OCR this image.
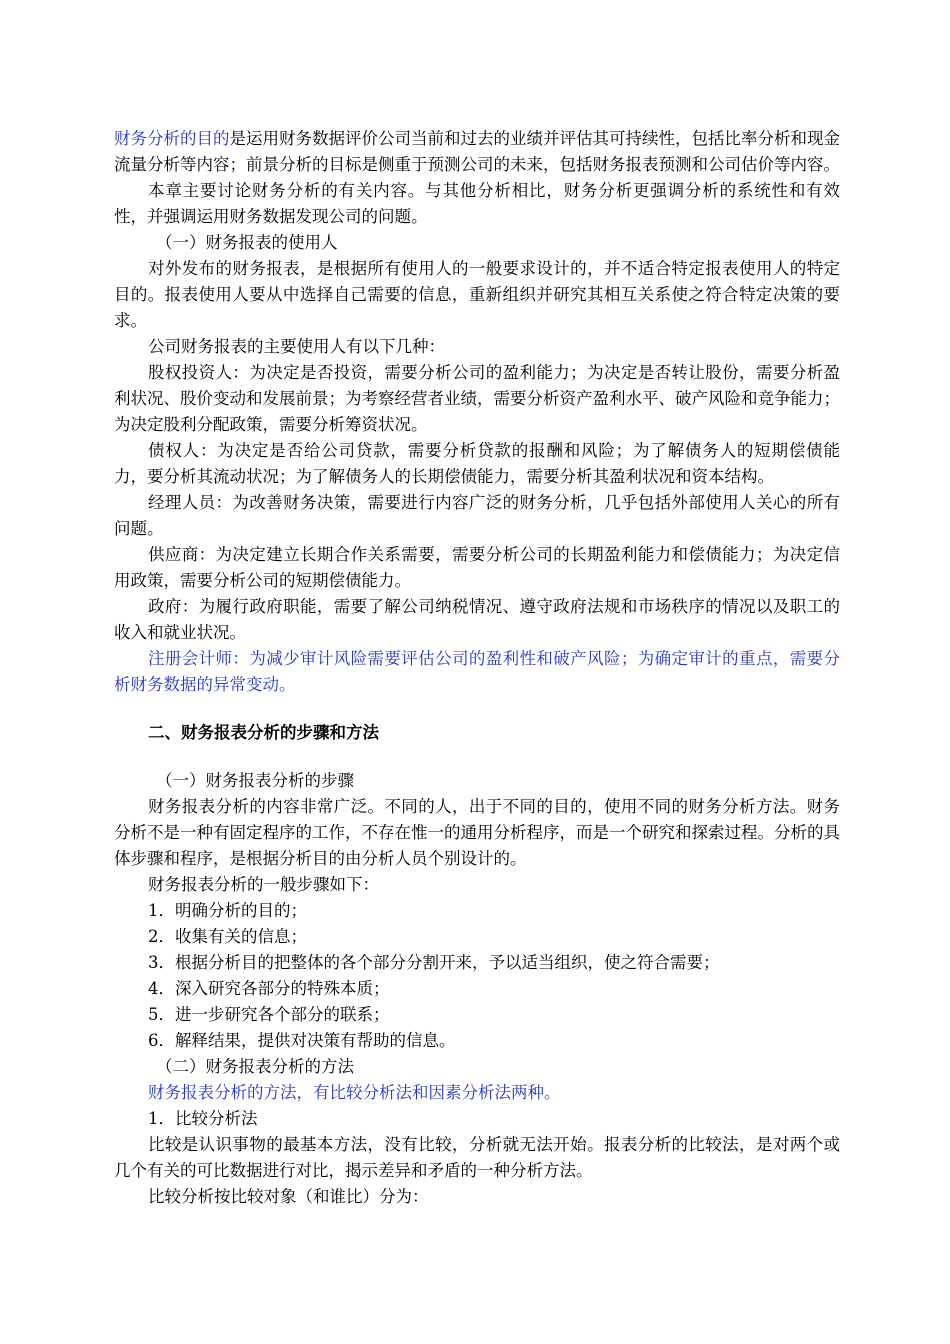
财务分析的目的是运用财务数据评价公司当前和过去的业绩并评估其可持续性，包括比率分析和现金流量分析等内容；前景分析的目标是侧重于预测公司的未来，包括财务报表预测和公司估价等内容。

本章主要讨论财务分析的有关内容。与其他分析相比，财务分析更强调分析的系统性和有效性，并强调运用财务数据发现公司的问题。

（一）财务报表的使用人

对外发布的财务报表，是根据所有使用人的一般要求设计的，并不适合特定报表使用人的特定目的。报表使用人要从中选择自己需要的信息，重新组织并研究其相互关系使之符合特定决策的要求。

公司财务报表的主要使用人有以下几种：

股权投资人：为决定是否投资，需要分析公司的盈利能力；为决定是否转让股份，需要分析盈利状况、股价变动和发展前景；为考察经营者业绩，需要分析资产盈利水平、破产风险和竞争能力；为决定股利分配政策，需要分析筹资状况。

债权人：为决定是否给公司贷款，需要分析贷款的报酬和风险；为了解债务人的短期偿债能力，要分析其流动状况；为了解债务人的长期偿债能力，需要分析其盈利状况和资本结构。

经理人员：为改善财务决策，需要进行内容广泛的财务分析，几乎包括外部使用人关心的所有问题。

供应商：为决定建立长期合作关系需要，需要分析公司的长期盈利能力和偿债能力；为决定信用政策，需要分析公司的短期偿债能力。

政府：为履行政府职能，需要了解公司纳税情况、遵守政府法规和市场秩序的情况以及职工的收入和就业状况。

注册会计师：为减少审计风险需要评估公司的盈利性和破产风险；为确定审计的重点，需要分析财务数据的异常变动。

二、财务报表分析的步骤和方法

（一）财务报表分析的步骤

财务报表分析的内容非常广泛。不同的人，出于不同的目的，使用不同的财务分析方法。财务分析不是一种有固定程序的工作，不存在惟一的通用分析程序，而是一个研究和探索过程。分析的具体步骤和程序，是根据分析目的由分析人员个别设计的。

财务报表分析的一般步骤如下：

1．明确分析的目的；

2．收集有关的信息；

3．根据分析目的把整体的各个部分分割开来，予以适当组织，使之符合需要；

4．深入研究各部分的特殊本质；

5．进一步研究各个部分的联系；

6．解释结果，提供对决策有帮助的信息。

（二）财务报表分析的方法

财务报表分析的方法，有比较分析法和因素分析法两种。

1．比较分析法

比较是认识事物的最基本方法，没有比较，分析就无法开始。报表分析的比较法，是对两个或几个有关的可比数据进行对比，揭示差异和矛盾的一种分析方法。

比较分析按比较对象（和谁比）分为：
